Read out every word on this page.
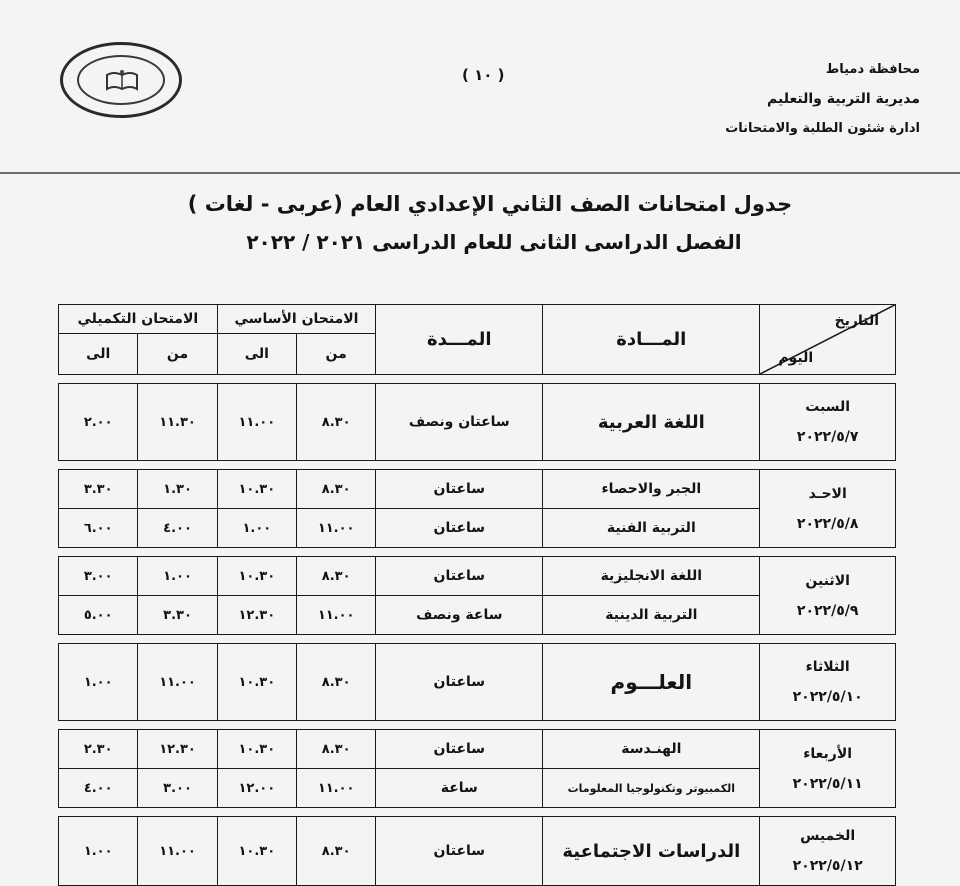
( ١٠ )	محافظة دمياط
مديرية التربية والتعليم
ادارة شئون الطلبة والامتحانات
جدول امتحانات الصف الثاني الإعدادي العام (عربى - لغات )
الفصل الدراسى الثانى للعام الدراسى ٢٠٢١ / ٢٠٢٢
التاريخ
اليوم	المـــادة	المـــدة	الامتحان الأساسي		الامتحان التكميلي	
			من	الى	من	الى

السبت
٢٠٢٢/٥/٧	اللغة العربية	ساعتان ونصف	٨.٣٠	١١.٠٠	١١.٣٠	٢.٠٠

الاحـد
٢٠٢٢/٥/٨	الجبر والاحصاء	ساعتان	٨.٣٠	١٠.٣٠	١.٣٠	٣.٣٠
	التربية الفنية	ساعتان	١١.٠٠	١.٠٠	٤.٠٠	٦.٠٠

الاثنين
٢٠٢٢/٥/٩	اللغة الانجليزية	ساعتان	٨.٣٠	١٠.٣٠	١.٠٠	٣.٠٠
	التربية الدينية	ساعة ونصف	١١.٠٠	١٢.٣٠	٣.٣٠	٥.٠٠

الثلاثاء
٢٠٢٢/٥/١٠	العلـــوم	ساعتان	٨.٣٠	١٠.٣٠	١١.٠٠	١.٠٠

الأربعاء
٢٠٢٢/٥/١١	الهنـدسة	ساعتان	٨.٣٠	١٠.٣٠	١٢.٣٠	٢.٣٠
	الكمبيوتر وتكنولوجيا المعلومات	ساعة	١١.٠٠	١٢.٠٠	٣.٠٠	٤.٠٠

الخميس
٢٠٢٢/٥/١٢	الدراسات الاجتماعية	ساعتان	٨.٣٠	١٠.٣٠	١١.٠٠	١.٠٠
